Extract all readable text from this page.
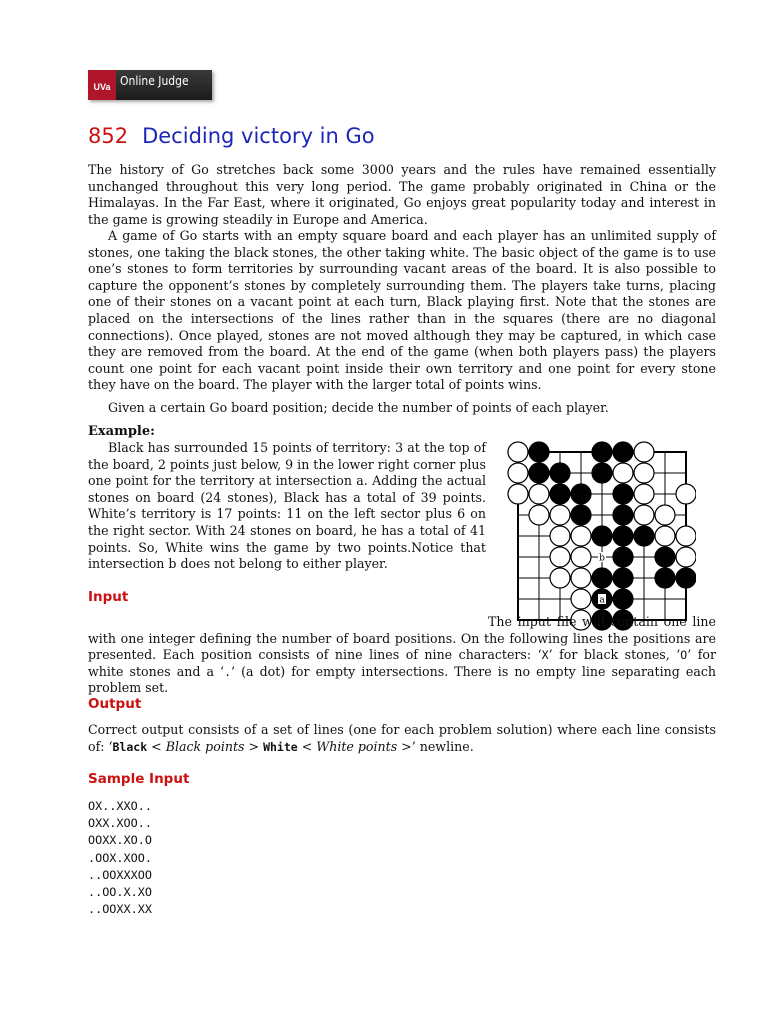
UVa Online Judge
852 Deciding victory in Go

The history of Go stretches back some 3000 years and the rules have remained essentially unchanged throughout this very long period. The game probably originated in China or the Himalayas. In the Far East, where it originated, Go enjoys great popularity today and interest in the game is growing steadily in Europe and America.

A game of Go starts with an empty square board and each player has an unlimited supply of stones, one taking the black stones, the other taking white. The basic object of the game is to use one’s stones to form territories by surrounding vacant areas of the board. It is also possible to capture the opponent’s stones by completely surrounding them. The players take turns, placing one of their stones on a vacant point at each turn, Black playing first. Note that the stones are placed on the intersections of the lines rather than in the squares (there are no diagonal connections). Once played, stones are not moved although they may be captured, in which case they are removed from the board. At the end of the game (when both players pass) the players count one point for each vacant point inside their own territory and one point for every stone they have on the board. The player with the larger total of points wins.

Given a certain Go board position; decide the number of points of each player.

Example:

Black has surrounded 15 points of territory: 3 at the top of the board, 2 points just below, 9 in the lower right corner plus one point for the territory at intersection a. Adding the actual stones on board (24 stones), Black has a total of 39 points. White’s territory is 17 points: 11 on the left sector plus 6 on the right sector. With 24 stones on board, he has a total of 41 points. So, White wins the game by two points.Notice that intersection b does not belong to either player.	b
a
Input

The input file will contain one line with one integer defining the number of board positions. On the following lines the positions are presented. Each position consists of nine lines of nine characters: ‘X’ for black stones, ‘O’ for white stones and a ‘.’ (a dot) for empty intersections. There is no empty line separating each problem set.

Output

Correct output consists of a set of lines (one for each problem solution) where each line consists of: ‘Black < Black points > White < White points >’ newline.

Sample Input
OX..XXO..
OXX.XOO..
OOXX.XO.O
.OOX.XOO.
..OOXXXOO
..OO.X.XO
..OOXX.XX
